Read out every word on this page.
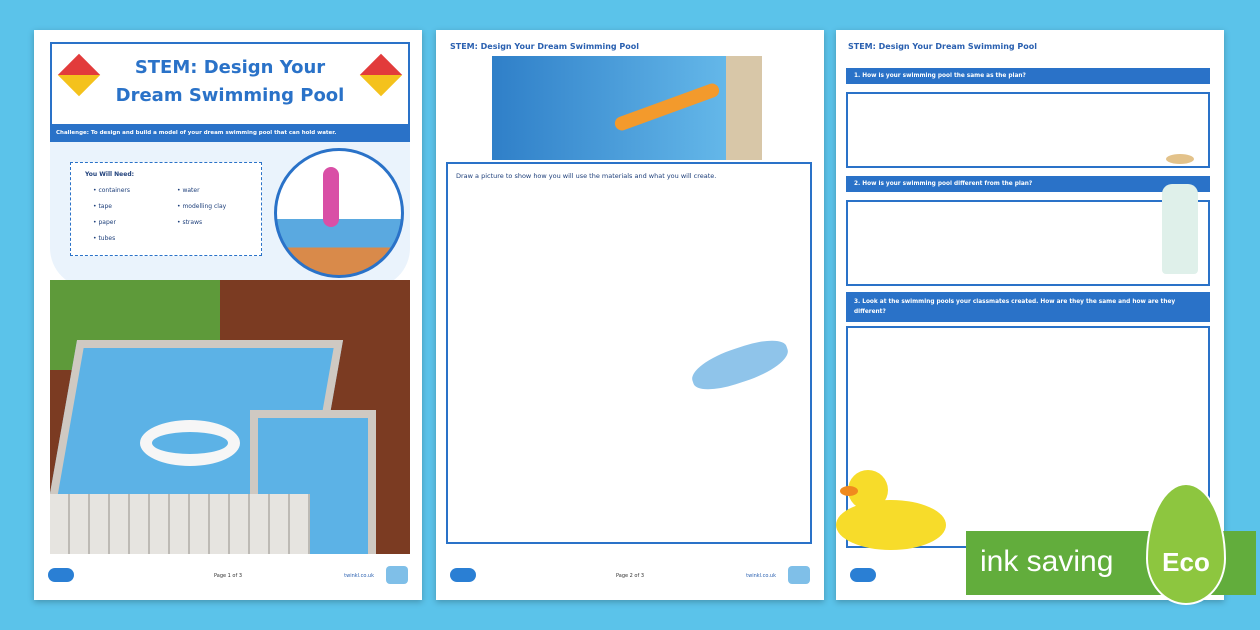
STEM: Design Your Dream Swimming Pool
Challenge: To design and build a model of your dream swimming pool that can hold water.
You Will Need:
• containers
• tape
• paper
• tubes
• water
• modelling clay
• straws
Page 1 of 3	twinkl.co.uk
STEM: Design Your Dream Swimming Pool
Draw a picture to show how you will use the materials and what you will create.
Page 2 of 3	twinkl.co.uk
STEM: Design Your Dream Swimming Pool
1. How is your swimming pool the same as the plan?
2. How is your swimming pool different from the plan?
3. Look at the swimming pools your classmates created. How are they the same and how are they different?
ink saving	Eco
